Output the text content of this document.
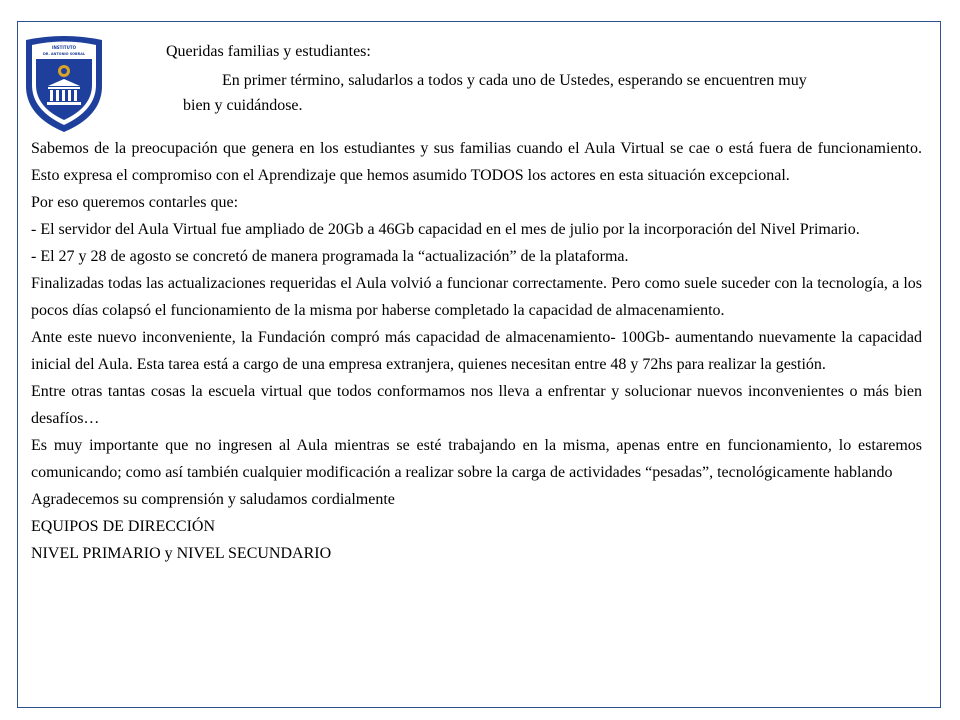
INSTITUTO
DR. ANTONIO SOBRAL	Queridas familias y estudiantes:
En primer término, saludarlos a todos y cada uno de Ustedes, esperando se encuentren muy
bien y cuidándose.

Sabemos de la preocupación que genera en los estudiantes y sus familias cuando el Aula Virtual se cae o está fuera de funcionamiento. Esto expresa el compromiso con el Aprendizaje que hemos asumido TODOS los actores en esta situación excepcional.

Por eso queremos contarles que:

- El servidor del Aula Virtual fue ampliado de 20Gb a 46Gb capacidad en el mes de julio por la incorporación del Nivel Primario.

- El 27 y 28 de agosto se concretó de manera programada la “actualización” de la plataforma.

Finalizadas todas las actualizaciones requeridas el Aula volvió a funcionar correctamente. Pero como suele suceder con la tecnología, a los pocos días colapsó el funcionamiento de la misma por haberse completado la capacidad de almacenamiento.

Ante este nuevo inconveniente, la Fundación compró más capacidad de almacenamiento- 100Gb- aumentando nuevamente la capacidad inicial del Aula. Esta tarea está a cargo de una empresa extranjera, quienes necesitan entre 48 y 72hs para realizar la gestión.

Entre otras tantas cosas la escuela virtual que todos conformamos nos lleva a enfrentar y solucionar nuevos inconvenientes o más bien desafíos…

Es muy importante que no ingresen al Aula mientras se esté trabajando en la misma, apenas entre en funcionamiento, lo estaremos comunicando; como así también cualquier modificación a realizar sobre la carga de actividades “pesadas”, tecnológicamente hablando

Agradecemos su comprensión y saludamos cordialmente

EQUIPOS DE DIRECCIÓN

NIVEL PRIMARIO y NIVEL SECUNDARIO
